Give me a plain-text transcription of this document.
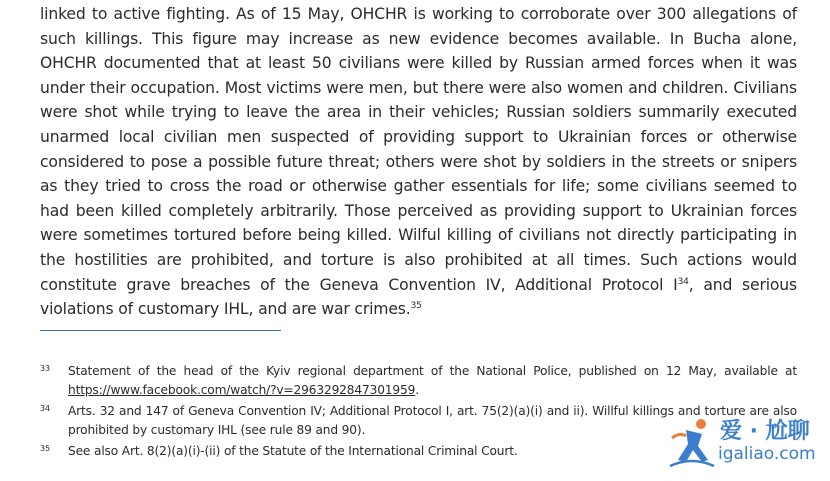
linked to active fighting. As of 15 May, OHCHR is working to corroborate over 300 allegations of such killings. This figure may increase as new evidence becomes available. In Bucha alone, OHCHR documented that at least 50 civilians were killed by Russian armed forces when it was under their occupation. Most victims were men, but there were also women and children. Civilians were shot while trying to leave the area in their vehicles; Russian soldiers summarily executed unarmed local civilian men suspected of providing support to Ukrainian forces or otherwise considered to pose a possible future threat; others were shot by soldiers in the streets or snipers as they tried to cross the road or otherwise gather essentials for life; some civilians seemed to had been killed completely arbitrarily. Those perceived as providing support to Ukrainian forces were sometimes tortured before being killed. Wilful killing of civilians not directly participating in the hostilities are prohibited, and torture is also prohibited at all times. Such actions would constitute grave breaches of the Geneva Convention IV, Additional Protocol $I^{34}$, and serious violations of customary IHL, and are war crimes.$^{35}$

33	Statement of the head of the Kyiv regional department of the National Police, published on 12 May, available at https://www.facebook.com/watch/?v=2963292847301959.
34	Arts. 32 and 147 of Geneva Convention IV; Additional Protocol I, art. 75(2)(a)(i) and ii). Willful killings and torture are also prohibited by customary IHL (see rule 89 and 90).
35	See also Art. 8(2)(a)(i)-(ii) of the Statute of the International Criminal Court.
爱 · 尬聊
igaliao.com
